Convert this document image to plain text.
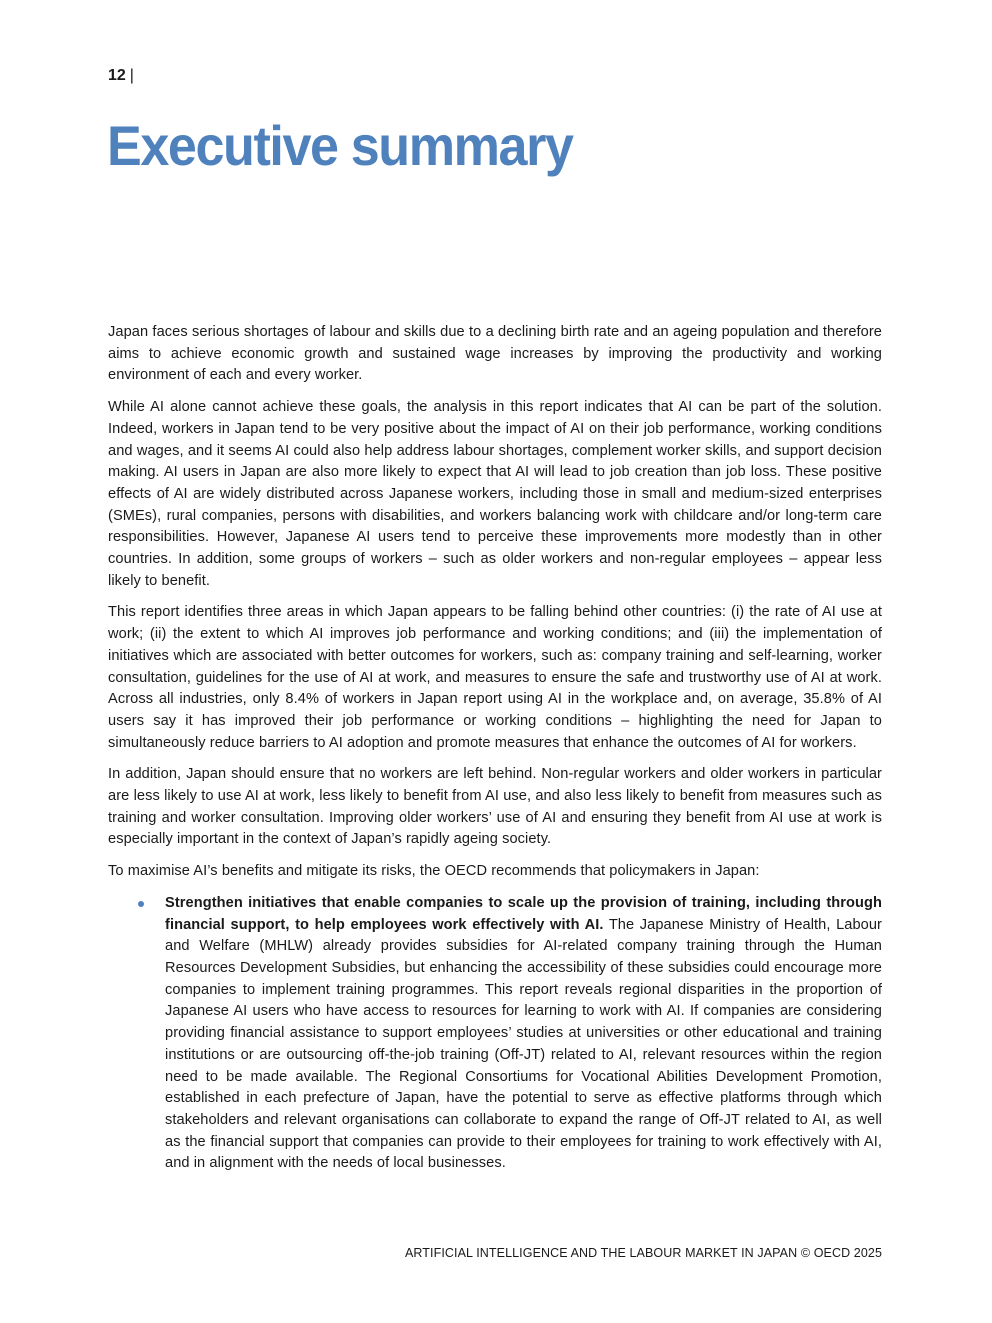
12 |
Executive summary

Japan faces serious shortages of labour and skills due to a declining birth rate and an ageing population and therefore aims to achieve economic growth and sustained wage increases by improving the productivity and working environment of each and every worker.

While AI alone cannot achieve these goals, the analysis in this report indicates that AI can be part of the solution. Indeed, workers in Japan tend to be very positive about the impact of AI on their job performance, working conditions and wages, and it seems AI could also help address labour shortages, complement worker skills, and support decision making. AI users in Japan are also more likely to expect that AI will lead to job creation than job loss. These positive effects of AI are widely distributed across Japanese workers, including those in small and medium-sized enterprises (SMEs), rural companies, persons with disabilities, and workers balancing work with childcare and/or long-term care responsibilities. However, Japanese AI users tend to perceive these improvements more modestly than in other countries. In addition, some groups of workers – such as older workers and non-regular employees – appear less likely to benefit.

This report identifies three areas in which Japan appears to be falling behind other countries: (i) the rate of AI use at work; (ii) the extent to which AI improves job performance and working conditions; and (iii) the implementation of initiatives which are associated with better outcomes for workers, such as: company training and self-learning, worker consultation, guidelines for the use of AI at work, and measures to ensure the safe and trustworthy use of AI at work. Across all industries, only 8.4% of workers in Japan report using AI in the workplace and, on average, 35.8% of AI users say it has improved their job performance or working conditions – highlighting the need for Japan to simultaneously reduce barriers to AI adoption and promote measures that enhance the outcomes of AI for workers.

In addition, Japan should ensure that no workers are left behind. Non-regular workers and older workers in particular are less likely to use AI at work, less likely to benefit from AI use, and also less likely to benefit from measures such as training and worker consultation. Improving older workers’ use of AI and ensuring they benefit from AI use at work is especially important in the context of Japan’s rapidly ageing society.

To maximise AI’s benefits and mitigate its risks, the OECD recommends that policymakers in Japan:

Strengthen initiatives that enable companies to scale up the provision of training, including through financial support, to help employees work effectively with AI. The Japanese Ministry of Health, Labour and Welfare (MHLW) already provides subsidies for AI-related company training through the Human Resources Development Subsidies, but enhancing the accessibility of these subsidies could encourage more companies to implement training programmes. This report reveals regional disparities in the proportion of Japanese AI users who have access to resources for learning to work with AI. If companies are considering providing financial assistance to support employees’ studies at universities or other educational and training institutions or are outsourcing off-the-job training (Off-JT) related to AI, relevant resources within the region need to be made available. The Regional Consortiums for Vocational Abilities Development Promotion, established in each prefecture of Japan, have the potential to serve as effective platforms through which stakeholders and relevant organisations can collaborate to expand the range of Off-JT related to AI, as well as the financial support that companies can provide to their employees for training to work effectively with AI, and in alignment with the needs of local businesses.
ARTIFICIAL INTELLIGENCE AND THE LABOUR MARKET IN JAPAN © OECD 2025
